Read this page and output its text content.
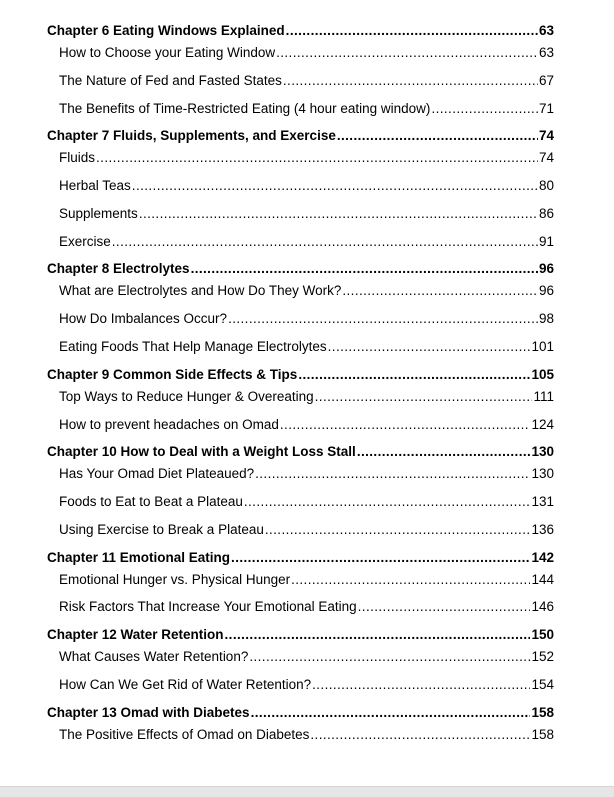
Chapter 6 Eating Windows Explained .....	63
How to Choose your Eating Window .....	63
The Nature of Fed and Fasted States .....	67
The Benefits of Time-Restricted Eating (4 hour eating window) .....	71
Chapter 7 Fluids, Supplements, and Exercise .....	74
Fluids .....	74
Herbal Teas .....	80
Supplements .....	86
Exercise .....	91
Chapter 8 Electrolytes .....	96
What are Electrolytes and How Do They Work? .....	96
How Do Imbalances Occur? .....	98
Eating Foods That Help Manage Electrolytes .....	101
Chapter 9 Common Side Effects & Tips .....	105
Top Ways to Reduce Hunger & Overeating .....	111
How to prevent headaches on Omad .....	124
Chapter 10 How to Deal with a Weight Loss Stall .....	130
Has Your Omad Diet Plateaued? .....	130
Foods to Eat to Beat a Plateau .....	131
Using Exercise to Break a Plateau .....	136
Chapter 11 Emotional Eating .....	142
Emotional Hunger vs. Physical Hunger .....	144
Risk Factors That Increase Your Emotional Eating .....	146
Chapter 12 Water Retention .....	150
What Causes Water Retention? .....	152
How Can We Get Rid of Water Retention? .....	154
Chapter 13 Omad with Diabetes .....	158
The Positive Effects of Omad on Diabetes .....	158
